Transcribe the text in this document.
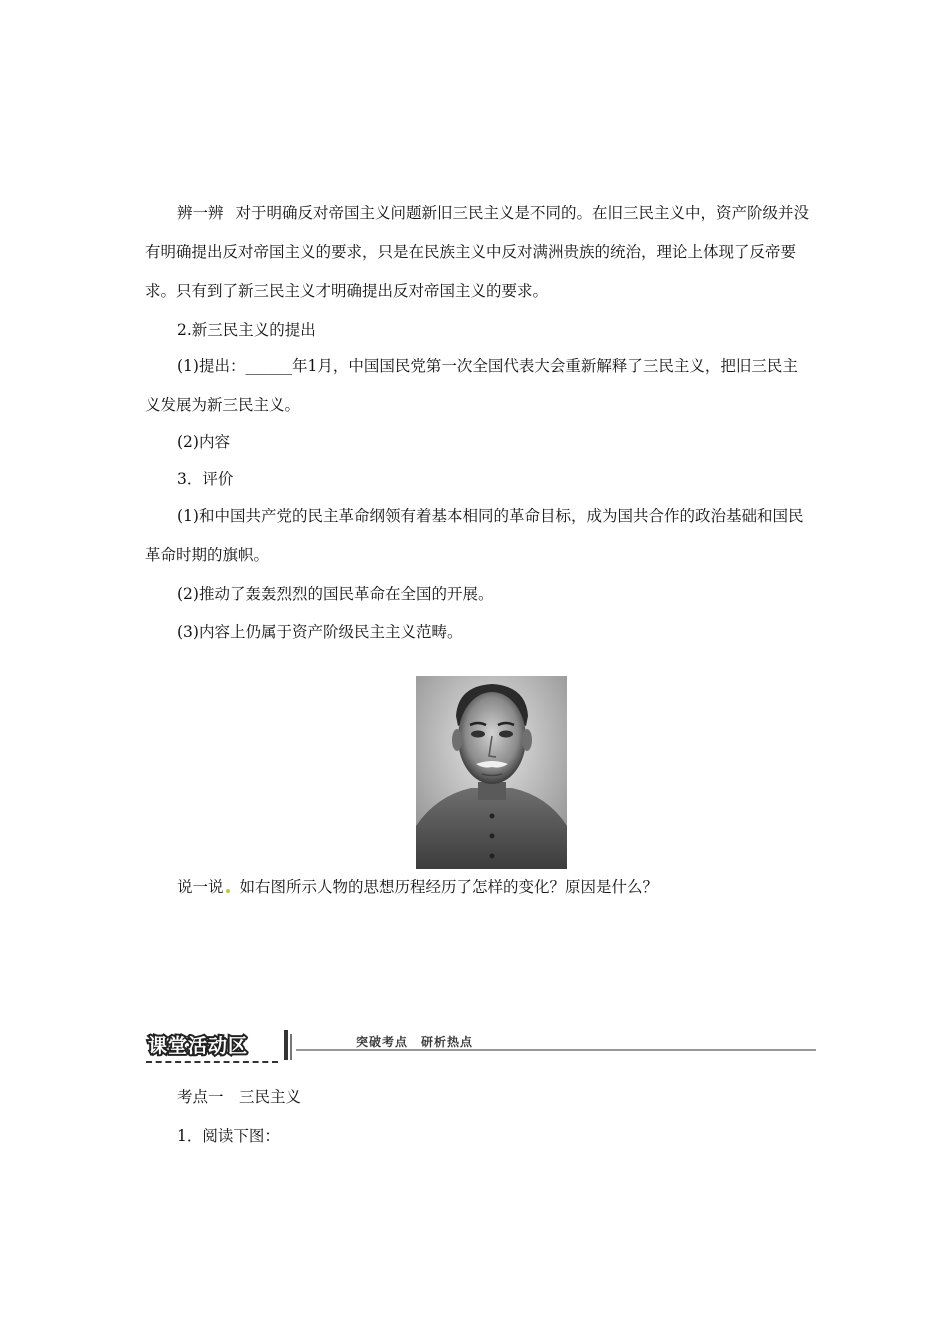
辨一辨 对于明确反对帝国主义问题新旧三民主义是不同的。在旧三民主义中，资产阶级并没有明确提出反对帝国主义的要求，只是在民族主义中反对满洲贵族的统治，理论上体现了反帝要求。只有到了新三民主义才明确提出反对帝国主义的要求。

2.新三民主义的提出

(1)提出：______年1月，中国国民党第一次全国代表大会重新解释了三民主义，把旧三民主义发展为新三民主义。

(2)内容

3．评价

(1)和中国共产党的民主革命纲领有着基本相同的革命目标，成为国共合作的政治基础和国民革命时期的旗帜。

(2)推动了轰轰烈烈的国民革命在全国的开展。

(3)内容上仍属于资产阶级民主主义范畴。

说一说 如右图所示人物的思想历程经历了怎样的变化？原因是什么？

课堂活动区	突破考点　研析热点

考点一　三民主义

1．阅读下图：
